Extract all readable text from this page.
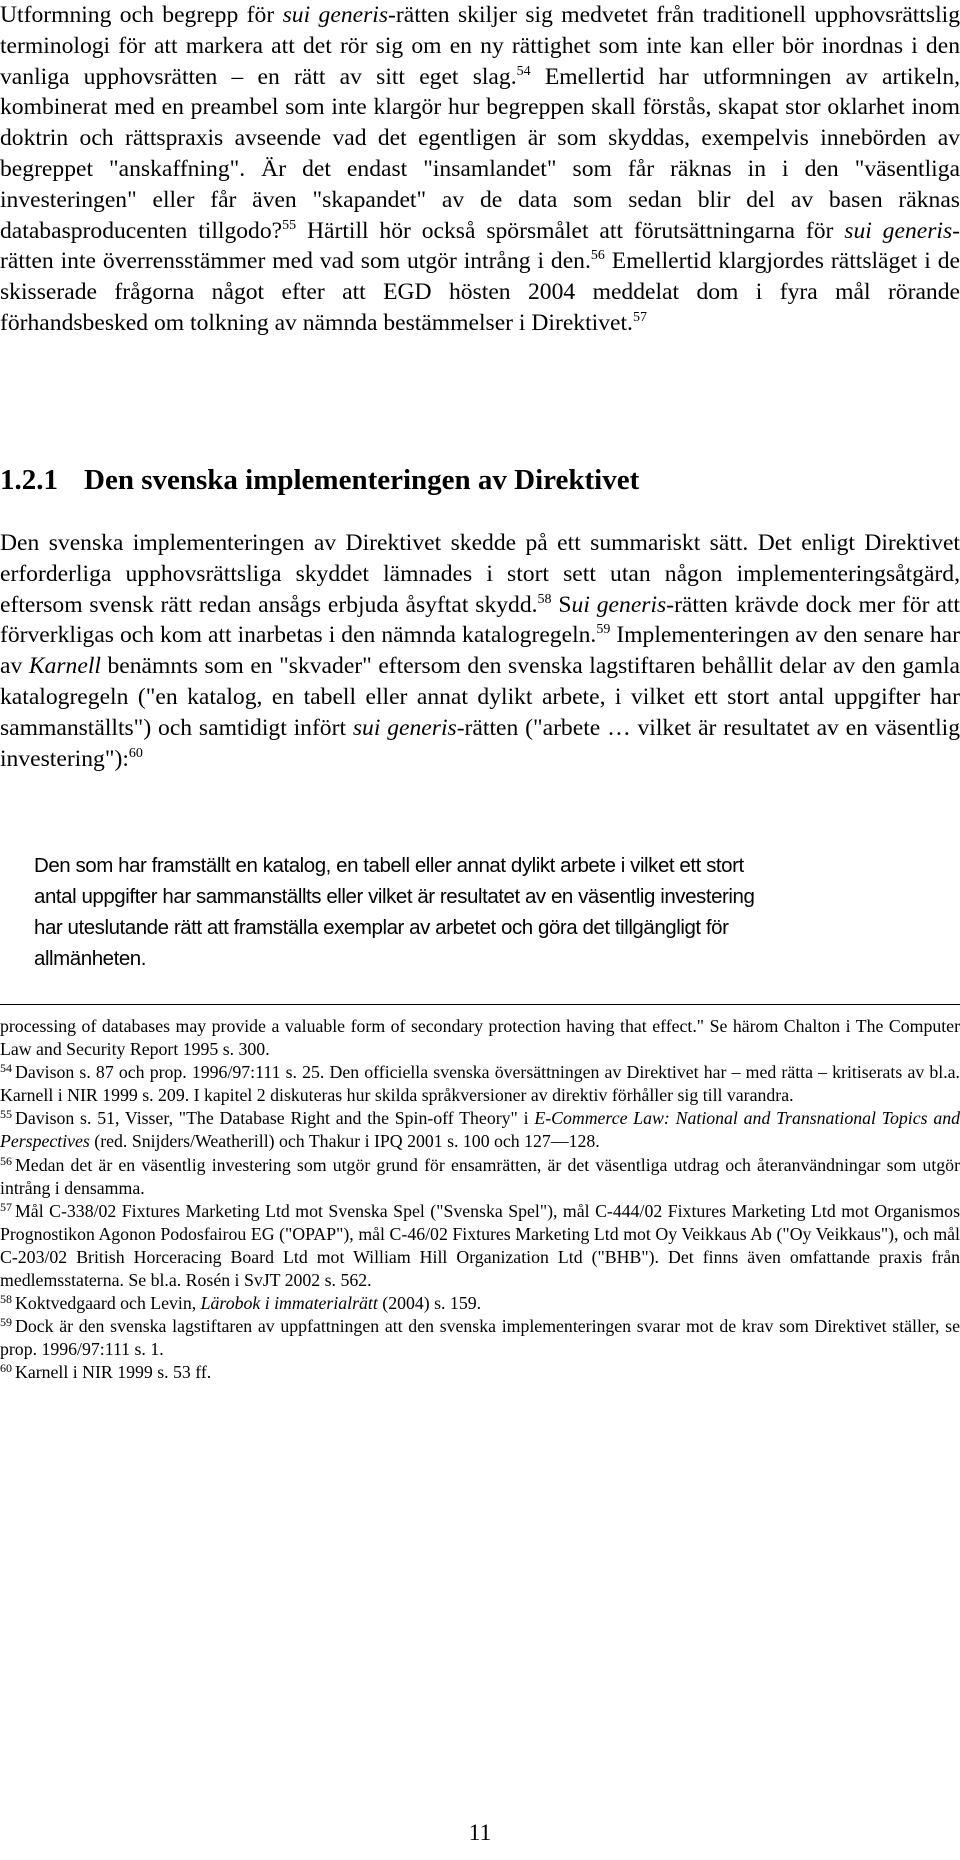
Utformning och begrepp för sui generis-rätten skiljer sig medvetet från traditionell upphovsrättslig terminologi för att markera att det rör sig om en ny rättighet som inte kan eller bör inordnas i den vanliga upphovsrätten – en rätt av sitt eget slag.$^{54}$ Emellertid har utformningen av artikeln, kombinerat med en preambel som inte klargör hur begreppen skall förstås, skapat stor oklarhet inom doktrin och rättspraxis avseende vad det egentligen är som skyddas, exempelvis innebörden av begreppet "anskaffning". Är det endast "insamlandet" som får räknas in i den "väsentliga investeringen" eller får även "skapandet" av de data som sedan blir del av basen räknas databasproducenten tillgodo?$^{55}$ Härtill hör också spörsmålet att förutsättningarna för sui generis-rätten inte överrensstämmer med vad som utgör intrång i den.$^{56}$ Emellertid klargjordes rättsläget i de skisserade frågorna något efter att EGD hösten 2004 meddelat dom i fyra mål rörande förhandsbesked om tolkning av nämnda bestämmelser i Direktivet.$^{57}$

1.2.1 Den svenska implementeringen av Direktivet

Den svenska implementeringen av Direktivet skedde på ett summariskt sätt. Det enligt Direktivet erforderliga upphovsrättsliga skyddet lämnades i stort sett utan någon implementeringsåtgärd, eftersom svensk rätt redan ansågs erbjuda åsyftat skydd.$^{58}$ Sui generis-rätten krävde dock mer för att förverkligas och kom att inarbetas i den nämnda katalogregeln.$^{59}$ Implementeringen av den senare har av Karnell benämnts som en "skvader" eftersom den svenska lagstiftaren behållit delar av den gamla katalogregeln ("en katalog, en tabell eller annat dylikt arbete, i vilket ett stort antal uppgifter har sammanställts") och samtidigt infört sui generis-rätten ("arbete … vilket är resultatet av en väsentlig investering"):$^{60}$

Den som har framställt en katalog, en tabell eller annat dylikt arbete i vilket ett stort antal uppgifter har sammanställts eller vilket är resultatet av en väsentlig investering har uteslutande rätt att framställa exemplar av arbetet och göra det tillgängligt för allmänheten.

processing of databases may provide a valuable form of secondary protection having that effect." Se härom Chalton i The Computer Law and Security Report 1995 s. 300.

$^{54}$ Davison s. 87 och prop. 1996/97:111 s. 25. Den officiella svenska översättningen av Direktivet har – med rätta – kritiserats av bl.a. Karnell i NIR 1999 s. 209. I kapitel 2 diskuteras hur skilda språkversioner av direktiv förhåller sig till varandra.

$^{55}$ Davison s. 51, Visser, "The Database Right and the Spin-off Theory" i E-Commerce Law: National and Transnational Topics and Perspectives (red. Snijders/Weatherill) och Thakur i IPQ 2001 s. 100 och 127—128.

$^{56}$ Medan det är en väsentlig investering som utgör grund för ensamrätten, är det väsentliga utdrag och återanvändningar som utgör intrång i densamma.

$^{57}$ Mål C-338/02 Fixtures Marketing Ltd mot Svenska Spel ("Svenska Spel"), mål C-444/02 Fixtures Marketing Ltd mot Organismos Prognostikon Agonon Podosfairou EG ("OPAP"), mål C-46/02 Fixtures Marketing Ltd mot Oy Veikkaus Ab ("Oy Veikkaus"), och mål C-203/02 British Horceracing Board Ltd mot William Hill Organization Ltd ("BHB"). Det finns även omfattande praxis från medlemsstaterna. Se bl.a. Rosén i SvJT 2002 s. 562.

$^{58}$ Koktvedgaard och Levin, Lärobok i immaterialrätt (2004) s. 159.

$^{59}$ Dock är den svenska lagstiftaren av uppfattningen att den svenska implementeringen svarar mot de krav som Direktivet ställer, se prop. 1996/97:111 s. 1.

$^{60}$ Karnell i NIR 1999 s. 53 ff.

11
